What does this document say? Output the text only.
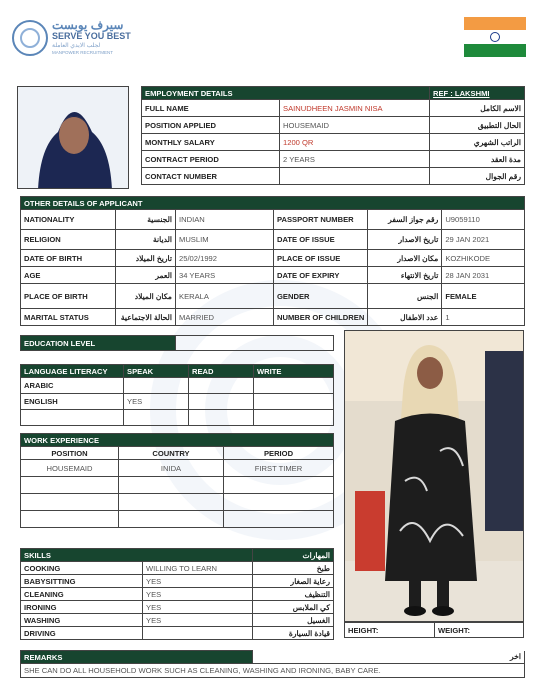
سيرف يوبست
SERVE YOU BEST
لجلب الايدي العاملة
MANPOWER RECRUITMENT
EMPLOYMENT DETAILS		REF : LAKSHMI
FULL NAME	SAINUDHEEN JASMIN NISA	الاسم الكامل
POSITION APPLIED	HOUSEMAID	الحال التطبيق
MONTHLY SALARY	1200 QR	الراتب الشهري
CONTRACT PERIOD	2 YEARS	مدة العقد
CONTACT NUMBER		رقم الجوال
OTHER DETAILS OF APPLICANT					
NATIONALITY	الجنسية	INDIAN	PASSPORT NUMBER	رقم جواز السفر	U9059110
RELIGION	الديانة	MUSLIM	DATE OF ISSUE	تاريخ الاصدار	29 JAN 2021
DATE OF BIRTH	تاريخ الميلاد	25/02/1992	PLACE OF ISSUE	مكان الاصدار	KOZHIKODE
AGE	العمر	34 YEARS	DATE OF EXPIRY	تاريخ الانتهاء	28 JAN 2031
PLACE OF BIRTH	مكان الميلاد	KERALA	GENDER	الجنس	FEMALE
MARITAL STATUS	الحالة الاجتماعية	MARRIED	NUMBER OF CHILDREN	عدد الاطفال	1
EDUCATION LEVEL	
LANGUAGE LITERACY	SPEAK	READ	WRITE
ARABIC			
ENGLISH	YES		

WORK EXPERIENCE		
POSITION	COUNTRY	PERIOD
HOUSEMAID	INIDA	FIRST TIMER

SKILLS		المهارات
COOKING	WILLING TO LEARN	طبخ
BABYSITTING	YES	رعاية الصغار
CLEANING	YES	التنظيف
IRONING	YES	كي الملابس
WASHING	YES	الغسيل
DRIVING		قيادة السيارة
REMARKS	اخر
SHE CAN DO ALL HOUSEHOLD WORK SUCH AS CLEANING, WASHING AND IRONING, BABY CARE.
HEIGHT:	WEIGHT:
